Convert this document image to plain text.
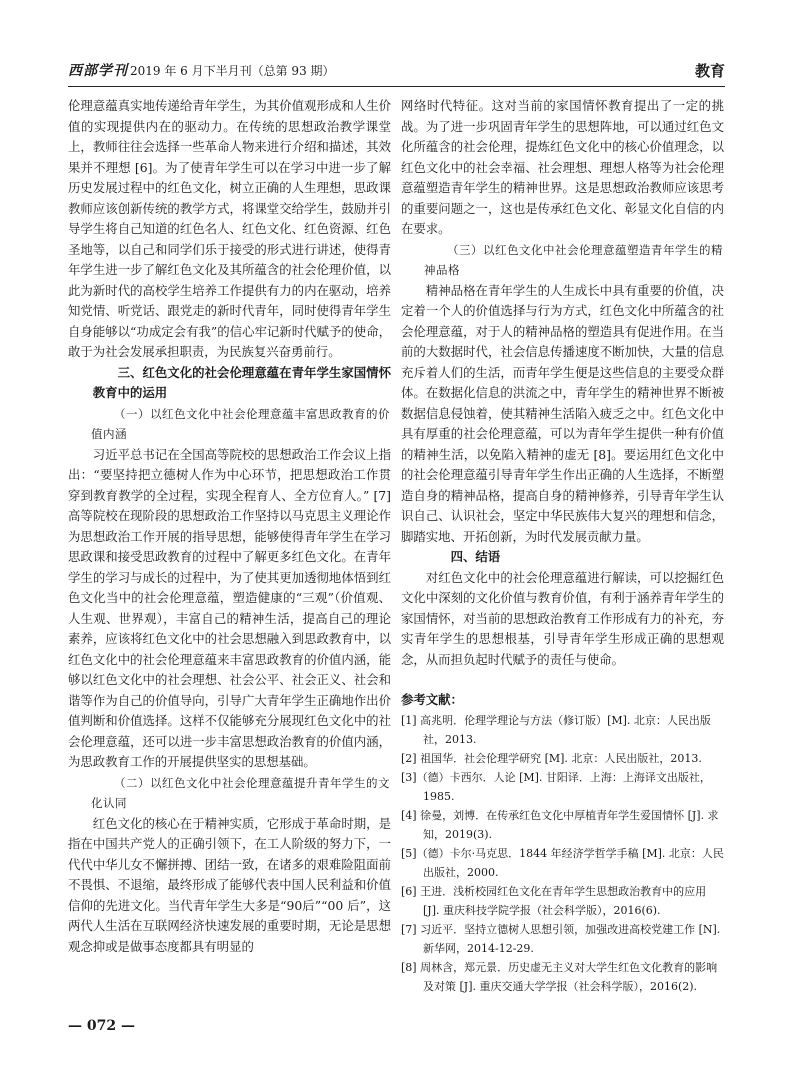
西部学刊 2019 年 6 月下半月刊（总第 93 期）	教育

伦理意蕴真实地传递给青年学生，为其价值观形成和人生价值的实现提供内在的驱动力。在传统的思想政治教学课堂上，教师往往会选择一些革命人物来进行介绍和描述，其效果并不理想 [6]。为了使青年学生可以在学习中进一步了解历史发展过程中的红色文化，树立正确的人生理想，思政课教师应该创新传统的教学方式，将课堂交给学生，鼓励并引导学生将自己知道的红色名人、红色文化、红色资源、红色圣地等，以自己和同学们乐于接受的形式进行讲述，使得青年学生进一步了解红色文化及其所蕴含的社会伦理价值，以此为新时代的高校学生培养工作提供有力的内在驱动，培养知党情、听党话、跟党走的新时代青年，同时使得青年学生自身能够以“功成定会有我”的信心牢记新时代赋予的使命，敢于为社会发展承担职责，为民族复兴奋勇前行。

三、红色文化的社会伦理意蕴在青年学生家国情怀教育中的运用

（一）以红色文化中社会伦理意蕴丰富思政教育的价值内涵

习近平总书记在全国高等院校的思想政治工作会议上指出：“要坚持把立德树人作为中心环节，把思想政治工作贯穿到教育教学的全过程，实现全程育人、全方位育人。” [7] 高等院校在现阶段的思想政治工作坚持以马克思主义理论作为思想政治工作开展的指导思想，能够使得青年学生在学习思政课和接受思政教育的过程中了解更多红色文化。在青年学生的学习与成长的过程中，为了使其更加透彻地体悟到红色文化当中的社会伦理意蕴，塑造健康的“三观”（价值观、人生观、世界观），丰富自己的精神生活，提高自己的理论素养，应该将红色文化中的社会思想融入到思政教育中，以红色文化中的社会伦理意蕴来丰富思政教育的价值内涵，能够以红色文化中的社会理想、社会公平、社会正义、社会和谐等作为自己的价值导向，引导广大青年学生正确地作出价值判断和价值选择。这样不仅能够充分展现红色文化中的社会伦理意蕴，还可以进一步丰富思想政治教育的价值内涵，为思政教育工作的开展提供坚实的思想基础。

（二）以红色文化中社会伦理意蕴提升青年学生的文化认同

红色文化的核心在于精神实质，它形成于革命时期，是指在中国共产党人的正确引领下，在工人阶级的努力下，一代代中华儿女不懈拼搏、团结一致，在诸多的艰难险阻面前不畏惧、不退缩，最终形成了能够代表中国人民利益和价值信仰的先进文化。当代青年学生大多是“90后”“00 后”，这两代人生活在互联网经济快速发展的重要时期，无论是思想观念抑或是做事态度都具有明显的

网络时代特征。这对当前的家国情怀教育提出了一定的挑战。为了进一步巩固青年学生的思想阵地，可以通过红色文化所蕴含的社会伦理，提炼红色文化中的核心价值理念，以红色文化中的社会幸福、社会理想、理想人格等为社会伦理意蕴塑造青年学生的精神世界。这是思想政治教师应该思考的重要问题之一，这也是传承红色文化、彰显文化自信的内在要求。

（三）以红色文化中社会伦理意蕴塑造青年学生的精神品格

精神品格在青年学生的人生成长中具有重要的价值，决定着一个人的价值选择与行为方式，红色文化中所蕴含的社会伦理意蕴，对于人的精神品格的塑造具有促进作用。在当前的大数据时代，社会信息传播速度不断加快，大量的信息充斥着人们的生活，而青年学生便是这些信息的主要受众群体。在数据化信息的洪流之中，青年学生的精神世界不断被数据信息侵蚀着，使其精神生活陷入疲乏之中。红色文化中具有厚重的社会伦理意蕴，可以为青年学生提供一种有价值的精神生活，以免陷入精神的虚无 [8]。要运用红色文化中的社会伦理意蕴引导青年学生作出正确的人生选择，不断塑造自身的精神品格，提高自身的精神修养，引导青年学生认识自己、认识社会，坚定中华民族伟大复兴的理想和信念，脚踏实地、开拓创新，为时代发展贡献力量。

四、结语

对红色文化中的社会伦理意蕴进行解读，可以挖掘红色文化中深刻的文化价值与教育价值，有利于涵养青年学生的家国情怀，对当前的思想政治教育工作形成有力的补充，夯实青年学生的思想根基，引导青年学生形成正确的思想观念，从而担负起时代赋予的责任与使命。

参考文献：
[1] 高兆明．伦理学理论与方法（修订版）[M]. 北京：人民出版社，2013.
[2] 祖国华．社会伦理学研究 [M]. 北京：人民出版社，2013.
[3]（德）卡西尔．人论 [M]. 甘阳译．上海：上海译文出版社，1985.
[4] 徐曼，刘博．在传承红色文化中厚植青年学生爱国情怀 [J]. 求知，2019(3).
[5]（德）卡尔·马克思．1844 年经济学哲学手稿 [M]. 北京：人民出版社，2000.
[6] 王进．浅析校园红色文化在青年学生思想政治教育中的应用 [J]. 重庆科技学院学报（社会科学版），2016(6).
[7] 习近平．坚持立德树人思想引领，加强改进高校党建工作 [N]. 新华网，2014-12-29.
[8] 周林含，郑元景．历史虚无主义对大学生红色文化教育的影响及对策 [J]. 重庆交通大学学报（社会科学版），2016(2).
— 072 —
